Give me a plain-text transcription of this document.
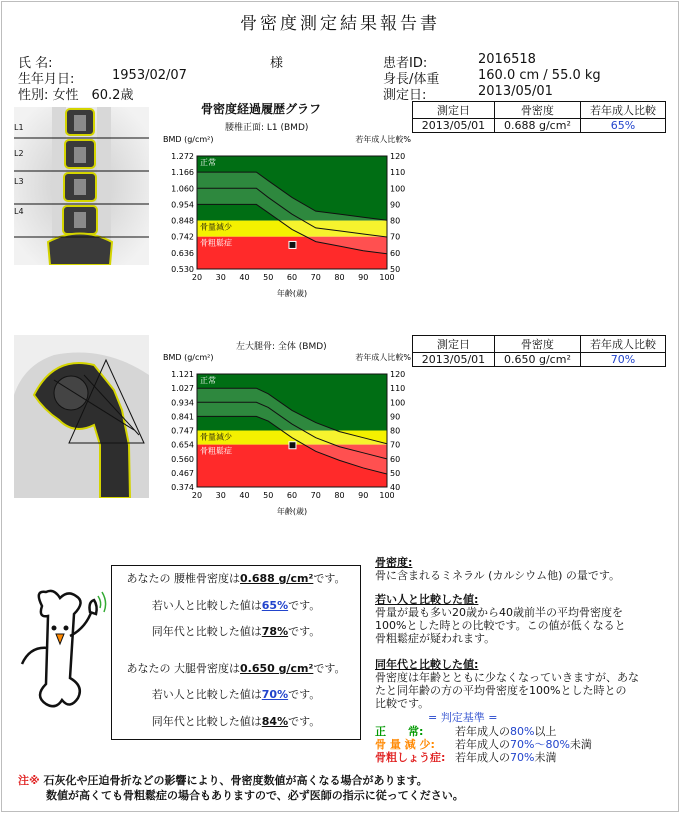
骨密度測定結果報告書
氏 名:
生年月日:	1953/02/07
性別: 女性　60.2歳
様	患者ID:	2016518
身長/体重	160.0 cm / 55.0 kg
測定日:	2013/05/01
L1
L2
L3
L4
骨密度経過履歴グラフ
腰椎正面: L1 (BMD)
BMD (g/cm²)	若年成人比較%
正常
骨量減少
骨粗鬆症
1.272
1.166
1.060
0.954
0.848
0.742
0.636
0.530
120
110
100
90
80
70
60
50
20 30 40 50 60 70 80 90 100
年齢(歳)
左大腿骨: 全体 (BMD)
BMD (g/cm²)	若年成人比較%
正常
骨量減少
骨粗鬆症
1.121
1.027
0.934
0.841
0.747
0.654
0.560
0.467
0.374
120
110
100
90
80
70
60
50
40
20 30 40 50 60 70 80 90 100
年齢(歳)
測定日	骨密度	若年成人比較
2013/05/01	0.688 g/cm²	65%
測定日	骨密度	若年成人比較
2013/05/01	0.650 g/cm²	70%
あなたの 腰椎骨密度は0.688 g/cm²です。
若い人と比較した値は65%です。
同年代と比較した値は78%です。
あなたの 大腿骨密度は0.650 g/cm²です。
若い人と比較した値は70%です。
同年代と比較した値は84%です。
骨密度:
骨に含まれるミネラル (カルシウム他) の量です。
若い人と比較した値:
骨量が最も多い20歳から40歳前半の平均骨密度を
100%とした時との比較です。この値が低くなると
骨粗鬆症が疑われます。
同年代と比較した値:
骨密度は年齢とともに少なくなっていきますが、あな
たと同年齢の方の平均骨密度を100%とした時との
比較です。
= 判定基準 =
正　　常:	若年成人の80%以上
骨 量 減 少: 若年成人の70%～80%未満
骨粗しょう症: 若年成人の70%未満
注※ 石灰化や圧迫骨折などの影響により、骨密度数値が高くなる場合があります。
数値が高くても骨粗鬆症の場合もありますので、必ず医師の指示に従ってください。
